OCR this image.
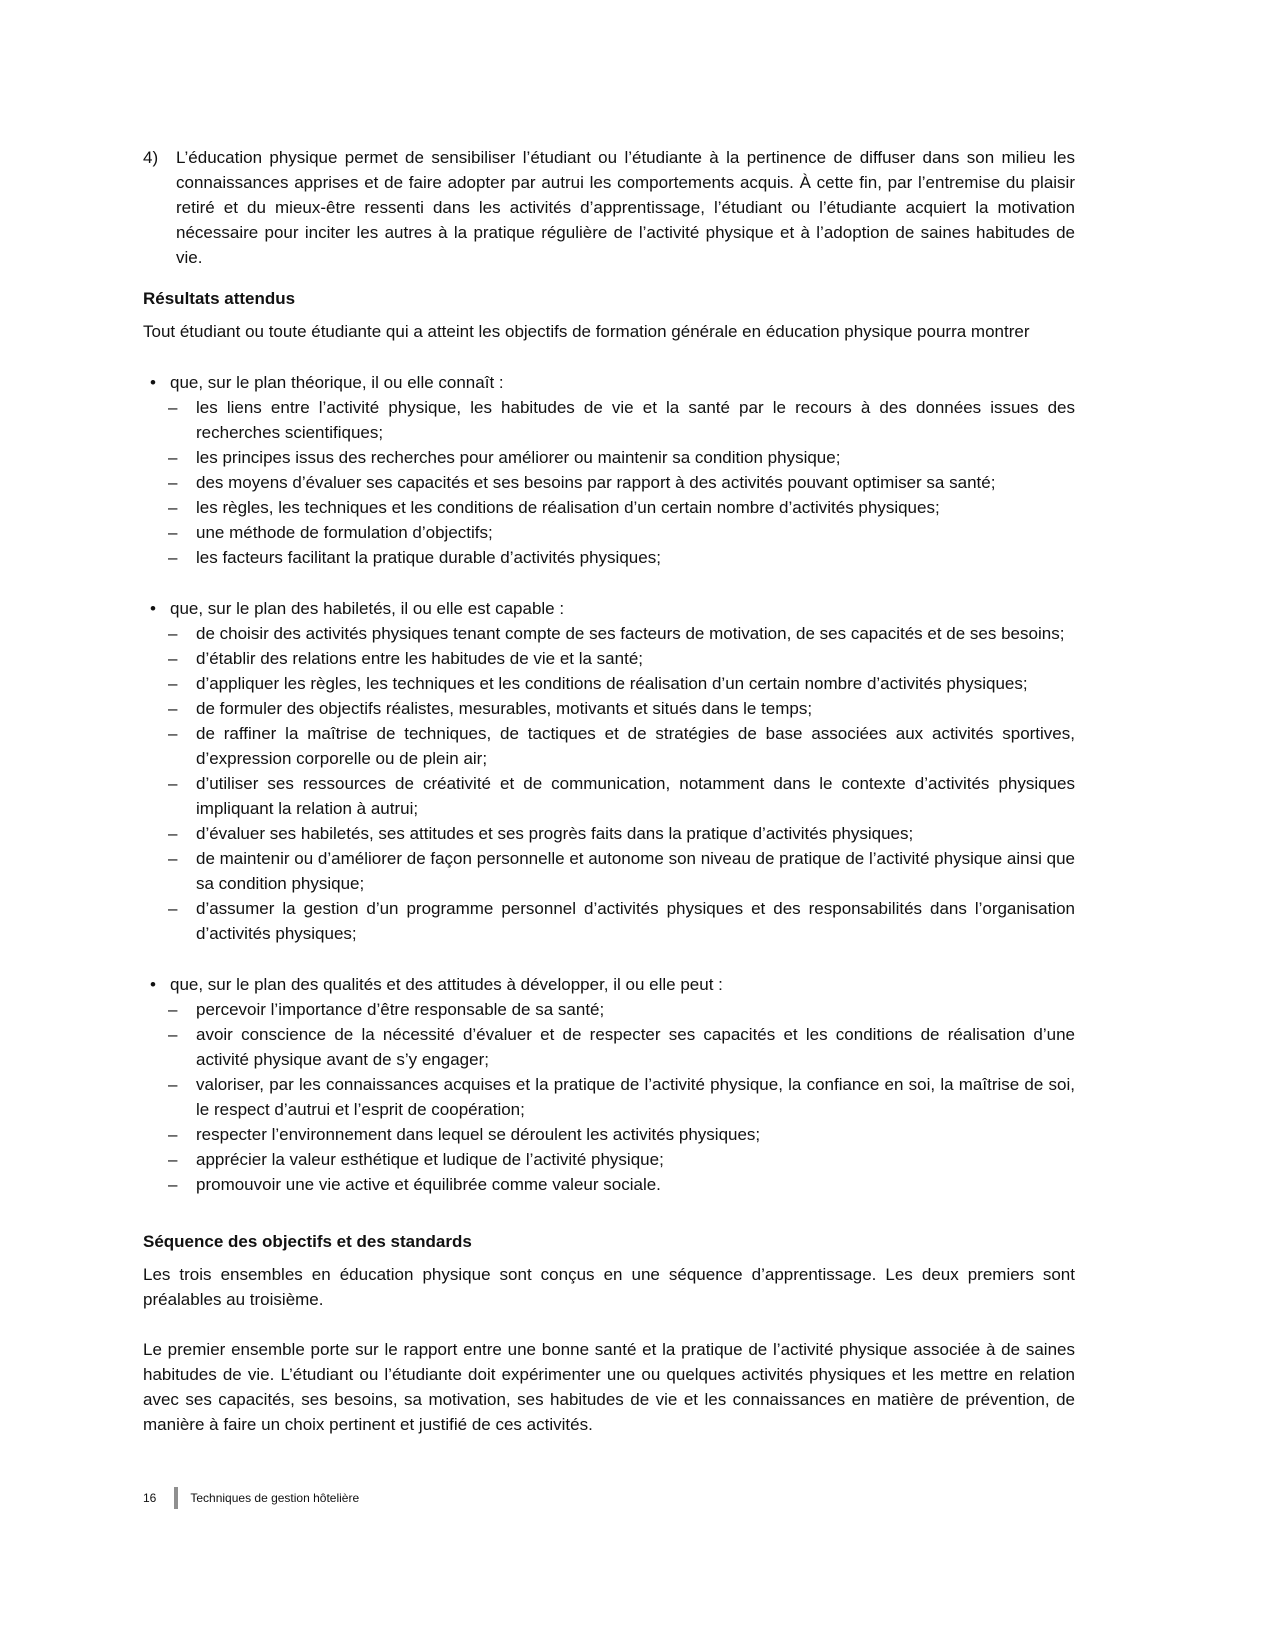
4)	L’éducation physique permet de sensibiliser l’étudiant ou l’étudiante à la pertinence de diffuser dans son milieu les connaissances apprises et de faire adopter par autrui les comportements acquis. À cette fin, par l’entremise du plaisir retiré et du mieux-être ressenti dans les activités d’apprentissage, l’étudiant ou l’étudiante acquiert la motivation nécessaire pour inciter les autres à la pratique régulière de l’activité physique et à l’adoption de saines habitudes de vie.
Résultats attendus

Tout étudiant ou toute étudiante qui a atteint les objectifs de formation générale en éducation physique pourra montrer

• que, sur le plan théorique, il ou elle connaît :
–	les liens entre l’activité physique, les habitudes de vie et la santé par le recours à des données issues des recherches scientifiques;
–	les principes issus des recherches pour améliorer ou maintenir sa condition physique;
–	des moyens d’évaluer ses capacités et ses besoins par rapport à des activités pouvant optimiser sa santé;
–	les règles, les techniques et les conditions de réalisation d’un certain nombre d’activités physiques;
–	une méthode de formulation d’objectifs;
–	les facteurs facilitant la pratique durable d’activités physiques;
• que, sur le plan des habiletés, il ou elle est capable :
–	de choisir des activités physiques tenant compte de ses facteurs de motivation, de ses capacités et de ses besoins;
–	d’établir des relations entre les habitudes de vie et la santé;
–	d’appliquer les règles, les techniques et les conditions de réalisation d’un certain nombre d’activités physiques;
–	de formuler des objectifs réalistes, mesurables, motivants et situés dans le temps;
–	de raffiner la maîtrise de techniques, de tactiques et de stratégies de base associées aux activités sportives, d’expression corporelle ou de plein air;
–	d’utiliser ses ressources de créativité et de communication, notamment dans le contexte d’activités physiques impliquant la relation à autrui;
–	d’évaluer ses habiletés, ses attitudes et ses progrès faits dans la pratique d’activités physiques;
–	de maintenir ou d’améliorer de façon personnelle et autonome son niveau de pratique de l’activité physique ainsi que sa condition physique;
–	d’assumer la gestion d’un programme personnel d’activités physiques et des responsabilités dans l’organisation d’activités physiques;
• que, sur le plan des qualités et des attitudes à développer, il ou elle peut :
–	percevoir l’importance d’être responsable de sa santé;
–	avoir conscience de la nécessité d’évaluer et de respecter ses capacités et les conditions de réalisation d’une activité physique avant de s’y engager;
–	valoriser, par les connaissances acquises et la pratique de l’activité physique, la confiance en soi, la maîtrise de soi, le respect d’autrui et l’esprit de coopération;
–	respecter l’environnement dans lequel se déroulent les activités physiques;
–	apprécier la valeur esthétique et ludique de l’activité physique;
–	promouvoir une vie active et équilibrée comme valeur sociale.
Séquence des objectifs et des standards

Les trois ensembles en éducation physique sont conçus en une séquence d’apprentissage. Les deux premiers sont préalables au troisième.

Le premier ensemble porte sur le rapport entre une bonne santé et la pratique de l’activité physique associée à de saines habitudes de vie. L’étudiant ou l’étudiante doit expérimenter une ou quelques activités physiques et les mettre en relation avec ses capacités, ses besoins, sa motivation, ses habitudes de vie et les connaissances en matière de prévention, de manière à faire un choix pertinent et justifié de ces activités.

16	Techniques de gestion hôtelière
